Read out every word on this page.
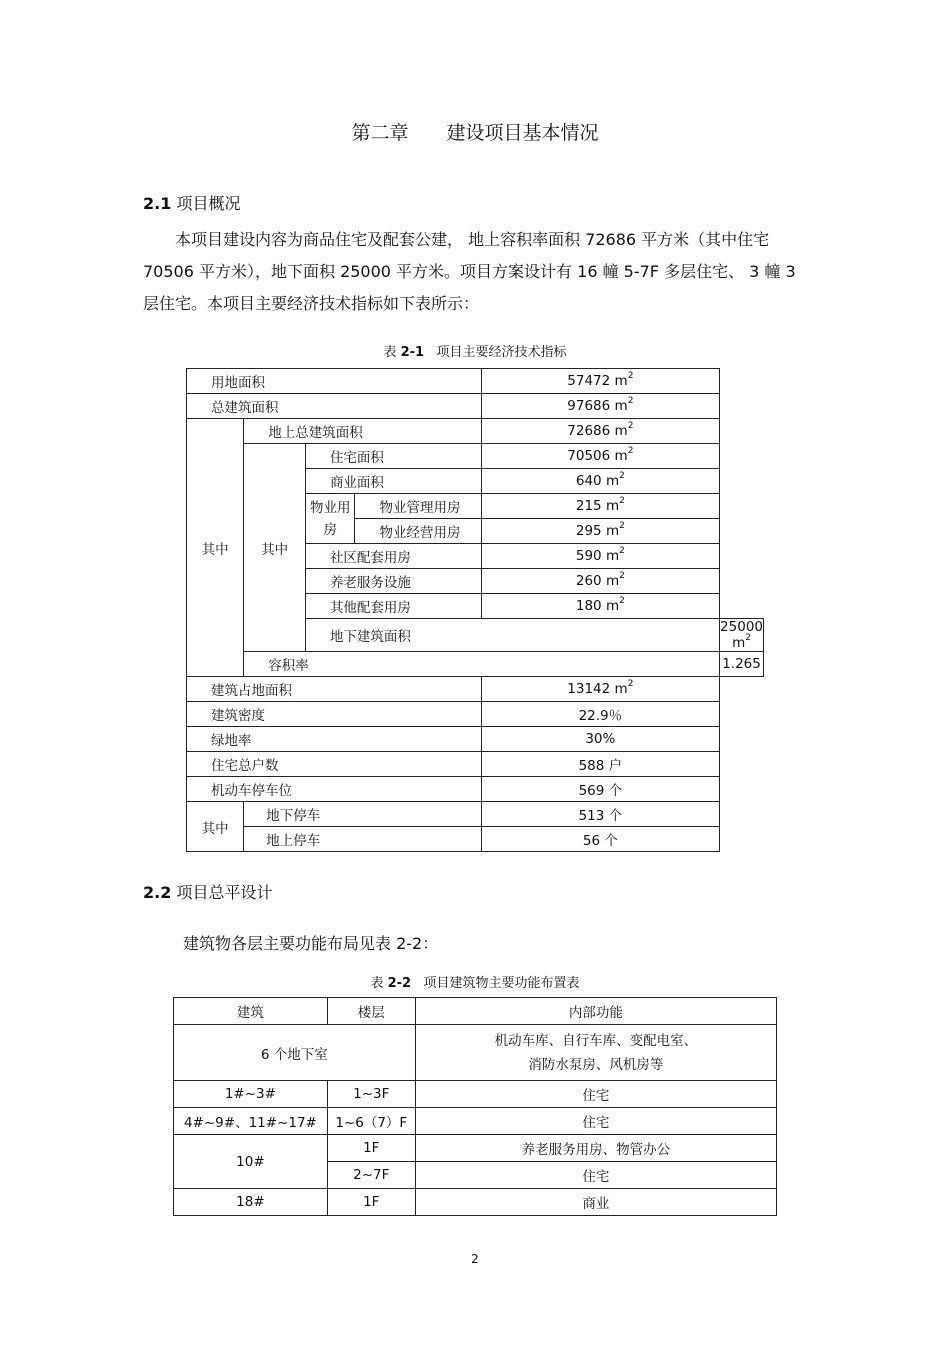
第二章 建设项目基本情况
2.1 项目概况
本项目建设内容为商品住宅及配套公建， 地上容积率面积 72686 平方米（其中住宅 70506 平方米），地下面积 25000 平方米。项目方案设计有 16 幢 5-7F 多层住宅、 3 幢 3 层住宅。本项目主要经济技术指标如下表所示：
表 2-1 项目主要经济技术指标
用地面积				57472 $m^2$
总建筑面积				97686 $m^2$
其中	地上总建筑面积			72686 $m^2$
	其中	住宅面积		70506 $m^2$
		商业面积		640 $m^2$
		物业用房	物业管理用房	215 $m^2$
			物业经营用房	295 $m^2$
		社区配套用房		590 $m^2$
		养老服务设施		260 $m^2$
		其他配套用房		180 $m^2$
		地下建筑面积			25000 $m^2$
	容积率				1.265
建筑占地面积				13142 $m^2$
建筑密度				22.9％	
绿地率				30%	
住宅总户数				588 户	
机动车停车位				569 个	
其中	地下停车			513 个	
	地上停车			56 个	
2.2 项目总平设计
建筑物各层主要功能布局见表 2-2：
表 2-2 项目建筑物主要功能布置表
建筑	楼层	内部功能
6 个地下室		机动车库、自行车库、变配电室、
消防水泵房、风机房等

1#~3#	1~3F	住宅
4#~9#、11#~17#	1~6（7）F	住宅
10#	1F	养老服务用房、物管办公
	2~7F	住宅
18#	1F	商业
2
